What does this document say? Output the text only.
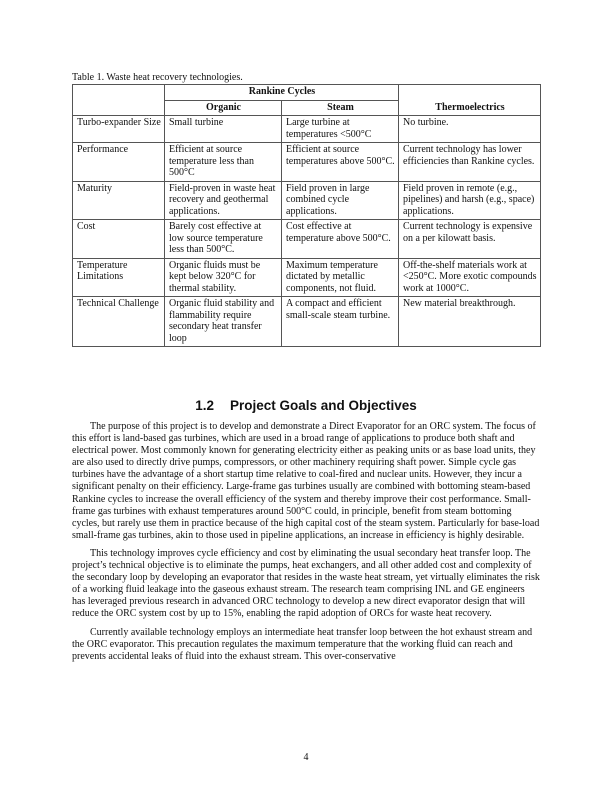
Table 1. Waste heat recovery technologies.
	Rankine Cycles		Thermoelectrics
	Organic	Steam	
Turbo-expander Size	Small turbine	Large turbine at temperatures <500°C	No turbine.
Performance	Efficient at source temperature less than 500°C	Efficient at source temperatures above 500°C.	Current technology has lower efficiencies than Rankine cycles.
Maturity	Field-proven in waste heat recovery and geothermal applications.	Field proven in large combined cycle applications.	Field proven in remote (e.g., pipelines) and harsh (e.g., space) applications.
Cost	Barely cost effective at low source temperature less than 500°C.	Cost effective at temperature above 500°C.	Current technology is expensive on a per kilowatt basis.
Temperature Limitations	Organic fluids must be kept below 320°C for thermal stability.	Maximum temperature dictated by metallic components, not fluid.	Off-the-shelf materials work at <250°C. More exotic compounds work at 1000°C.
Technical Challenge	Organic fluid stability and flammability require secondary heat transfer loop	A compact and efficient small-scale steam turbine.	New material breakthrough.
1.2 Project Goals and Objectives

The purpose of this project is to develop and demonstrate a Direct Evaporator for an ORC system. The focus of this effort is land-based gas turbines, which are used in a broad range of applications to produce both shaft and electrical power. Most commonly known for generating electricity either as peaking units or as base load units, they are also used to directly drive pumps, compressors, or other machinery requiring shaft power. Simple cycle gas turbines have the advantage of a short startup time relative to coal-fired and nuclear units. However, they incur a significant penalty on their efficiency. Large-frame gas turbines usually are combined with bottoming steam-based Rankine cycles to increase the overall efficiency of the system and thereby improve their cost performance. Small-frame gas turbines with exhaust temperatures around 500°C could, in principle, benefit from steam bottoming cycles, but rarely use them in practice because of the high capital cost of the steam system. Particularly for base-load small-frame gas turbines, akin to those used in pipeline applications, an increase in efficiency is highly desirable.

This technology improves cycle efficiency and cost by eliminating the usual secondary heat transfer loop. The project’s technical objective is to eliminate the pumps, heat exchangers, and all other added cost and complexity of the secondary loop by developing an evaporator that resides in the waste heat stream, yet virtually eliminates the risk of a working fluid leakage into the gaseous exhaust stream. The research team comprising INL and GE engineers has leveraged previous research in advanced ORC technology to develop a new direct evaporator design that will reduce the ORC system cost by up to 15%, enabling the rapid adoption of ORCs for waste heat recovery.

Currently available technology employs an intermediate heat transfer loop between the hot exhaust stream and the ORC evaporator. This precaution regulates the maximum temperature that the working fluid can reach and prevents accidental leaks of fluid into the exhaust stream. This over-conservative

4
